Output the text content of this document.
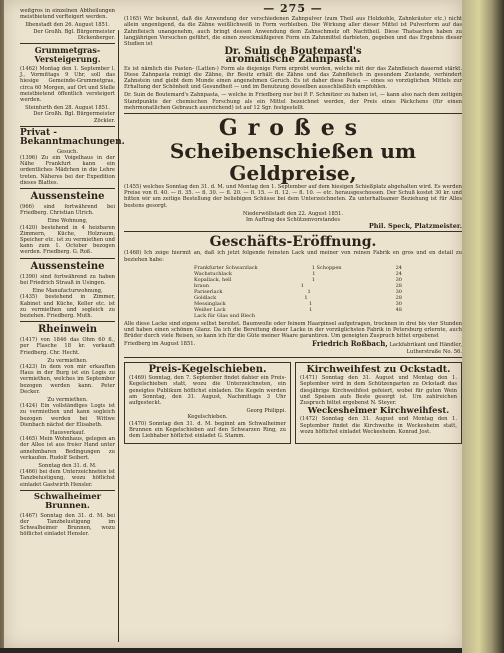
weitgros in einzelnen Abtheilungen meistbietend verfteigert werden.
Ilbenstadt den 26. August 1851.
Der Großh. Bgl. Bürgermeister Dickenberger.
Grummetgras-Versteigerung.
(1462) Montag den 1. September l. J., Vormittags 9 Uhr, soll das hiesige Gemeinde-Grummetgras, circa 60 Morgen, auf Ort und Stelle meistbietend öffentlich versteigert werden.
Steinfurth den 28. August 1851.
Der Großh. Bgl. Bürgermeister Zöckler.
Privat - Bekanntmachungen.
Gesuch.
(1396) Zu ein Voigelhaus in der Nähe Frankfurt kann ein ordentliches Mädchen in die Lehre treten. Näheres bei der Expedition dieses Blattes.
Aussensteine
(966) sind fortwährend bei Friedberg. Christian Ulrich.
Eine Wohnung,
(1420) bestehend in 4 heizbaren Zimmern, Küche, Holzraum, Speicher etc. ist zu vermiethen und kann zum 1. October bezogen werden. Friedberg. G. Roß.
Aussensteine
(1390) sind fortwährend zu haben bei Friedrich Strauß in Usingen.
Eine Manufacturwohnung,
(1435) bestehend in Zimmer, Kabinet und Küche, Keller etc. ist zu vermiethen und sogleich zu beziehen. Friedberg. Muth.
Rheinwein
(1417) von 1846 das Ohm 60 fl., per Flasche 18 kr. verkauft Friedberg. Chr. Hecht.
Zu vermiethen.
(1423) In dem von mir erkauften Haus in der Burg ist ein Logis zu vermiethen, welches im September bezogen werden kann. Peter Decker.
Zu vermiethen.
(1424) Ein vollständiges Logis ist zu vermiethen und kann sogleich bezogen werden bei Wittwe Dienbach nächst der Elisabeth.
Hausverkauf.
(1465) Mein Wohnhaus, gelegen an der Allee ist aus freier Hand unter annehmbaren Bedingungen zu verkaufen. Rudolf Seibert.
Sonntag den 31. d. M.
(1466) bei dem Unterzeichneten ist Tanzbelustigung, wozu höflichst einladet Gastwirth Hensler.
Schwalheimer Brunnen.
(1467) Sonntag den 31. d. M. bei der Tanzbelustigung im Schwalheimer Brunnen, wozu höflichst einladet Hensler.
— 275 —
(1165) Wir bekunnt, daß die Anwendung der verschiedenen Zahnpulver (zum Theil aus Holzkohle, Zahnkräuter etc.) nicht allein ungenügend, da die Zähne weißlichweiß in Form verbleiben. Die Wirkung aller dieser Mittel ist Pulverform auf das Zahnfleisch unangenehm, auch bringt dessen Anwendung dem Zahnschmelz oft Nachtheil. Diese Thatsachen haben zu langjährigen Versuchen geführt, die einen zweckmäßigeren Form ein Zahnmittel darbieten, gegeben und das Ergebnis dieser Studien ist
Dr. Suin de Boutemard's
aromatische Zahnpasta.
Es ist nämlich die Pasten- (Latten-) Form als diejenige Form erprobt worden, welche mit der das Zahnfleisch dauernd stärkt. Diese Zahnpasta reinigt die Zähne, ihr Besitz erhält die Zähne und das Zahnfleisch in gesundem Zustande, verhindert Zahnstein und giebt dem Munde einen angenehmen Geruch. Es ist daher diese Pasta — eines so vorzüglichen Mittels zur Erhaltung der Schönheit und Gesundheit — und im Benutzung desselben ausschließlich empfohlen.
Dr. Suin de Boutemard's Zahnpasta, — welche in Friedberg nur bei P. F. Schmitzer zu haben ist, — kann also nach dem zeitigen Standpunkte der chemischen Forschung als ein Mittel bezeichnet werden, der Preis eines Päckchens (für einen mehrmonatlichen Gebrauch ausreichend) ist auf 12 Sgr. festgestellt.
Großes
Scheibenschießen um Geldpreise,
(1455) welches Sonntag den 31. d. M. und Montag den 1. September auf dem hiesigen Schießplatz abgehalten wird. Es werden Preise von fl. 40. — fl. 35. — fl. 30. — fl. 20. — fl. 15. — fl. 12. — fl. 10. — etc. herausgeschossen. Der Schuß kostet 30 kr. und bitten wir um zeitige Bestellung der beliebigen Schüsse bei dem Unterzeichneten. Zu unterhaltsamer Beziehung ist für Alles bestens gesorgt.
Niederwöllstadt den 22. August 1851.
Im Auftrag des Schützenvorstandes
Phil. Speck, Platzmeister.
Geschäfts-Eröffnung.
(1468) Ich zeige hiermit an, daß ich jetzt folgende feinsten Lack und meiner von reinen Fabrik en gros und en detail zu beziehen habe:
Frankfurter Schwarzlack	1 Schoppen	24
Wachstuchlack	1	24
Kopallack, hell	1	30
braun	1	28
Pariserlack	1	30
Goldlack	1	28
Messinglack	1	30
Weißer Lack	1	48
Lack für Glas und Blech
Alle diese Lacke sind eigens selbst bereitet. Baumwolle oder feinem Haarpinsel aufgetragen, trocknen in drei bis vier Stunden und haben einen schönen Glanz. Da ich die Bereitung dieser Lacke in der vorzüglichsten Fabrik in Petersburg erlernte, auch Brüder durch viele Reisen, so kann ich für die Güte meiner Waare garantiren. Um geneigten Zuspruch bittet ergebenst
Friedberg im August 1851.	Friedrich Roßbach, Lackfabrikant und Händler, Lutherstraße No. 56.
Preis-Kegelschieben.
(1469) Sonntag, den 7. September findet dahier ein Preis-Kegelschieben statt, wozu die Unterzeichneten, ein geneigtes Publikum höflichst einladen. Die Kegeln werden am Sonntag, den 31. August, Nachmittags 3 Uhr aufgesteckt.
Georg Philippi.
Kegelschieben.
(1470) Sonntag den 31. d. M. beginnt am Schwalheimer Brunnen ein Kegelschieben auf den Schwarzen Ring, zu dem Liebhaber höflichst einladet G. Stamm.
Kirchweihfest zu Ockstadt.
(1471) Sonntag den 31. August und Montag den 1. September wird in dem Schützengarten zu Ockstadt das diesjährige Kirchweihfest gefeiert, wobei für guten Wein und Speisen aufs Beste gesorgt ist. Um zahlreichen Zuspruch bittet ergebenst N. Steyer.
Weckesheimer Kirchweihfest.
(1472) Sonntag den 31. August und Montag den 1. September findet die Kirchweihe in Weckesheim statt, wozu höflichst einladet Weckesheim. Konrad Jost.
